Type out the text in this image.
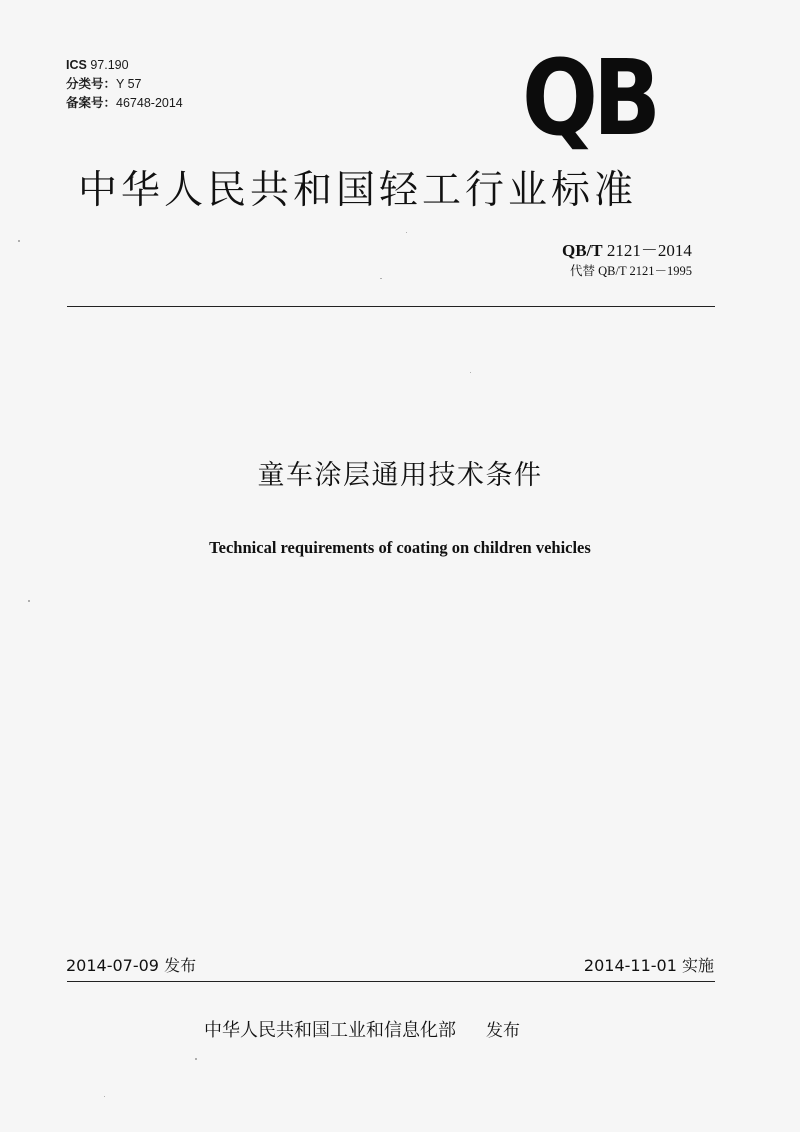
ICS 97.190
分类号：Y 57
备案号：46748-2014	QB
中华人民共和国轻工行业标准
QB/T 2121－2014
代替 QB/T 2121－1995
童车涂层通用技术条件
Technical requirements of coating on children vehicles
2014-07-09 发布	2014-11-01 实施
中华人民共和国工业和信息化部 发布
